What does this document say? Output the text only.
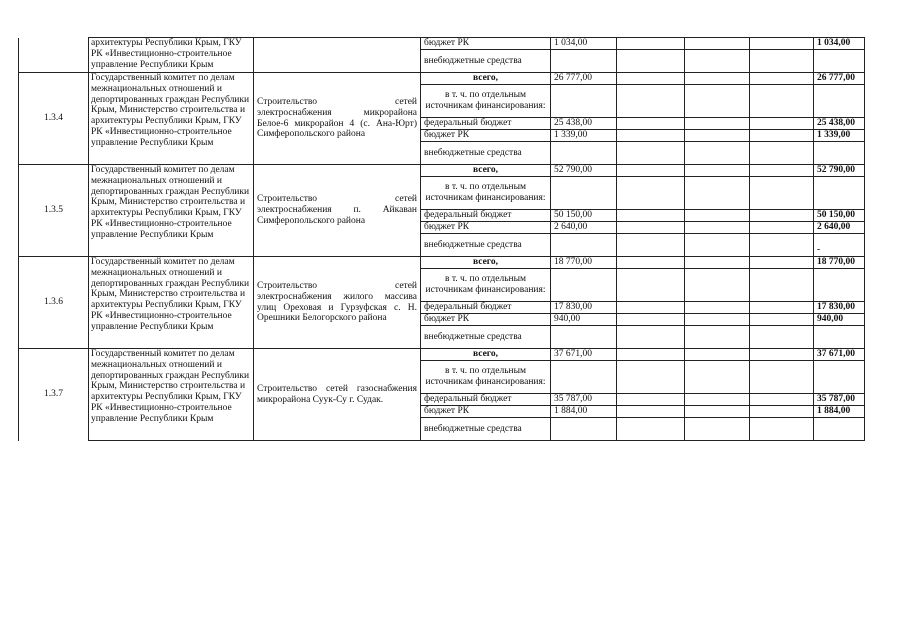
	архитектуры Республики Крым, ГКУ РК «Инвестиционно-строительное управление Республики Крым		бюджет РК	1 034,00				1 034,00
			внебюджетные средства					
1.3.4	Государственный комитет по делам межнациональных отношений и депортированных граждан Республики Крым, Министерство строительства и архитектуры Республики Крым, ГКУ РК «Инвестиционно-строительное управление Республики Крым	Строительство сетей электроснабжения микрорайона Белое-6 микрорайон 4 (с. Ана-Юрт) Симферопольского района	всего,	26 777,00				26 777,00
			в т. ч. по отдельным источникам финансирования:					
			федеральный бюджет	25 438,00				25 438,00
			бюджет РК	1 339,00				1 339,00
			внебюджетные средства					
1.3.5	Государственный комитет по делам межнациональных отношений и депортированных граждан Республики Крым, Министерство строительства и архитектуры Республики Крым, ГКУ РК «Инвестиционно-строительное управление Республики Крым	Строительство сетей электроснабжения п. Айкаван Симферопольского района	всего,	52 790,00				52 790,00
			в т. ч. по отдельным источникам финансирования:					
			федеральный бюджет	50 150,00				50 150,00
			бюджет РК	2 640,00				2 640,00
			внебюджетные средства					-
1.3.6	Государственный комитет по делам межнациональных отношений и депортированных граждан Республики Крым, Министерство строительства и архитектуры Республики Крым, ГКУ РК «Инвестиционно-строительное управление Республики Крым	Строительство сетей электроснабжения жилого массива улиц Ореховая и Гурзуфская с. Н. Орешники Белогорского района	всего,	18 770,00				18 770,00
			в т. ч. по отдельным источникам финансирования:					
			федеральный бюджет	17 830,00				17 830,00
			бюджет РК	940,00				940,00
			внебюджетные средства					
1.3.7	Государственный комитет по делам межнациональных отношений и депортированных граждан Республики Крым, Министерство строительства и архитектуры Республики Крым, ГКУ РК «Инвестиционно-строительное управление Республики Крым	Строительство сетей газоснабжения микрорайона Суук-Су г. Судак.	всего,	37 671,00				37 671,00
			в т. ч. по отдельным источникам финансирования:					
			федеральный бюджет	35 787,00				35 787,00
			бюджет РК	1 884,00				1 884,00
			внебюджетные средства					
